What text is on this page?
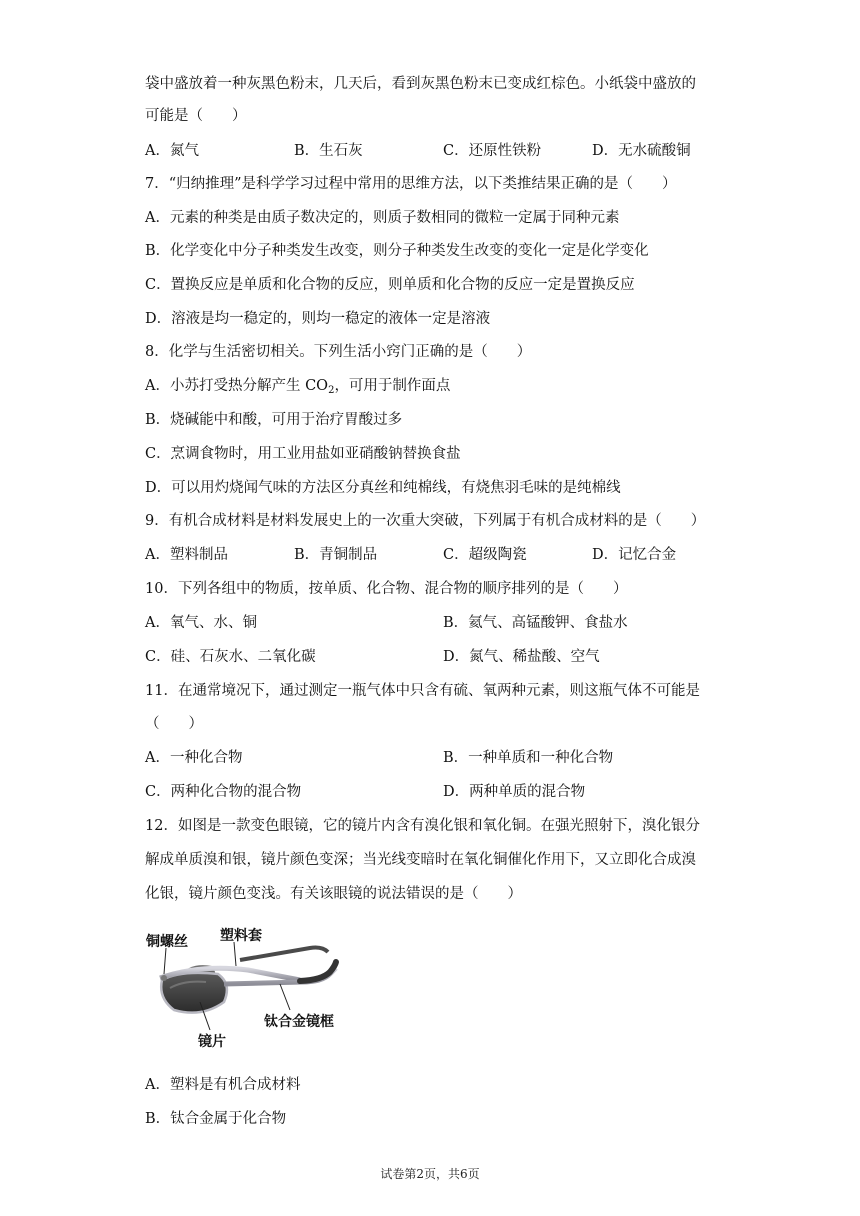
袋中盛放着一种灰黑色粉末，几天后，看到灰黑色粉末已变成红棕色。小纸袋中盛放的
可能是（　　）
A．氮气	B．生石灰	C．还原性铁粉	D．无水硫酸铜
7．“归纳推理”是科学学习过程中常用的思维方法，以下类推结果正确的是（　　）
A．元素的种类是由质子数决定的，则质子数相同的微粒一定属于同种元素
B．化学变化中分子种类发生改变，则分子种类发生改变的变化一定是化学变化
C．置换反应是单质和化合物的反应，则单质和化合物的反应一定是置换反应
D．溶液是均一稳定的，则均一稳定的液体一定是溶液
8．化学与生活密切相关。下列生活小窍门正确的是（　　）
A．小苏打受热分解产生 $CO_2$，可用于制作面点
B．烧碱能中和酸，可用于治疗胃酸过多
C．烹调食物时，用工业用盐如亚硝酸钠替换食盐
D．可以用灼烧闻气味的方法区分真丝和纯棉线，有烧焦羽毛味的是纯棉线
9．有机合成材料是材料发展史上的一次重大突破，下列属于有机合成材料的是（　　）
A．塑料制品	B．青铜制品	C．超级陶瓷	D．记忆合金
10．下列各组中的物质，按单质、化合物、混合物的顺序排列的是（　　）
A．氧气、水、铜	B．氦气、高锰酸钾、食盐水
C．硅、石灰水、二氧化碳	D．氮气、稀盐酸、空气
11．在通常境况下，通过测定一瓶气体中只含有硫、氧两种元素，则这瓶气体不可能是
（　　）
A．一种化合物	B．一种单质和一种化合物
C．两种化合物的混合物	D．两种单质的混合物
12．如图是一款变色眼镜，它的镜片内含有溴化银和氧化铜。在强光照射下，溴化银分
解成单质溴和银，镜片颜色变深；当光线变暗时在氧化铜催化作用下，又立即化合成溴
化银，镜片颜色变浅。有关该眼镜的说法错误的是（　　）
铜螺丝 塑料套
钛合金镜框
镜片
A．塑料是有机合成材料
B．钛合金属于化合物
试卷第2页，共6页
